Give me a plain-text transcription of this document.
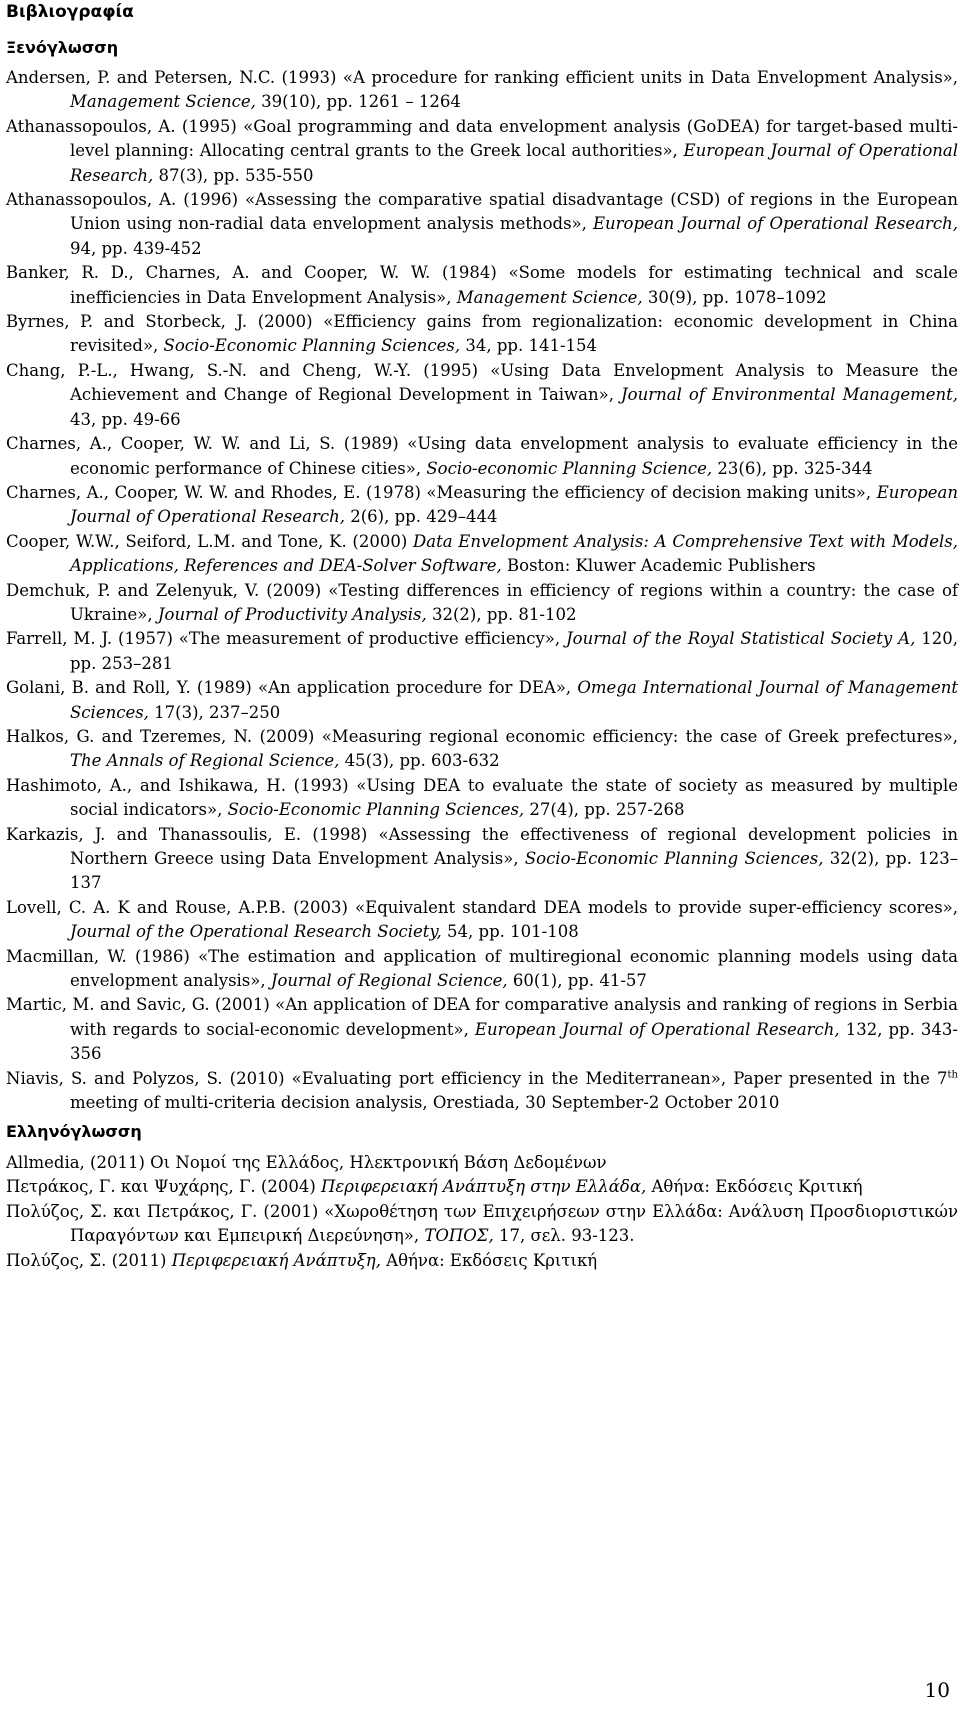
Βιβλιογραφία
Ξενόγλωσση
Andersen, P. and Petersen, N.C. (1993) «A procedure for ranking efficient units in Data Envelopment Analysis», Management Science, 39(10), pp. 1261 – 1264
Athanassopoulos, A. (1995) «Goal programming and data envelopment analysis (GoDEA) for target-based multi-level planning: Allocating central grants to the Greek local authorities», European Journal of Operational Research, 87(3), pp. 535-550
Athanassopoulos, A. (1996) «Assessing the comparative spatial disadvantage (CSD) of regions in the European Union using non-radial data envelopment analysis methods», European Journal of Operational Research, 94, pp. 439-452
Banker, R. D., Charnes, A. and Cooper, W. W. (1984) «Some models for estimating technical and scale inefficiencies in Data Envelopment Analysis», Management Science, 30(9), pp. 1078–1092
Byrnes, P. and Storbeck, J. (2000) «Efficiency gains from regionalization: economic development in China revisited», Socio-Economic Planning Sciences, 34, pp. 141-154
Chang, P.-L., Hwang, S.-N. and Cheng, W.-Y. (1995) «Using Data Envelopment Analysis to Measure the Achievement and Change of Regional Development in Taiwan», Journal of Environmental Management, 43, pp. 49-66
Charnes, A., Cooper, W. W. and Li, S. (1989) «Using data envelopment analysis to evaluate efficiency in the economic performance of Chinese cities», Socio-economic Planning Science, 23(6), pp. 325-344
Charnes, A., Cooper, W. W. and Rhodes, E. (1978) «Measuring the efficiency of decision making units», European Journal of Operational Research, 2(6), pp. 429–444
Cooper, W.W., Seiford, L.M. and Tone, K. (2000) Data Envelopment Analysis: A Comprehensive Text with Models, Applications, References and DEA-Solver Software, Boston: Kluwer Academic Publishers
Demchuk, P. and Zelenyuk, V. (2009) «Testing differences in efficiency of regions within a country: the case of Ukraine», Journal of Productivity Analysis, 32(2), pp. 81-102
Farrell, M. J. (1957) «The measurement of productive efficiency», Journal of the Royal Statistical Society A, 120, pp. 253–281
Golani, B. and Roll, Y. (1989) «An application procedure for DEA», Omega International Journal of Management Sciences, 17(3), 237–250
Halkos, G. and Tzeremes, N. (2009) «Measuring regional economic efficiency: the case of Greek prefectures», The Annals of Regional Science, 45(3), pp. 603-632
Hashimoto, A., and Ishikawa, H. (1993) «Using DEA to evaluate the state of society as measured by multiple social indicators», Socio-Economic Planning Sciences, 27(4), pp. 257-268
Karkazis, J. and Thanassoulis, E. (1998) «Assessing the effectiveness of regional development policies in Northern Greece using Data Envelopment Analysis», Socio-Economic Planning Sciences, 32(2), pp. 123–137
Lovell, C. A. K and Rouse, A.P.B. (2003) «Equivalent standard DEA models to provide super-efficiency scores», Journal of the Operational Research Society, 54, pp. 101-108
Macmillan, W. (1986) «The estimation and application of multiregional economic planning models using data envelopment analysis», Journal of Regional Science, 60(1), pp. 41-57
Martic, M. and Savic, G. (2001) «An application of DEA for comparative analysis and ranking of regions in Serbia with regards to social-economic development», European Journal of Operational Research, 132, pp. 343-356
Niavis, S. and Polyzos, S. (2010) «Evaluating port efficiency in the Mediterranean», Paper presented in the 7th meeting of multi-criteria decision analysis, Orestiada, 30 September-2 October 2010
Ελληνόγλωσση
Allmedia, (2011) Οι Νομοί της Ελλάδος, Ηλεκτρονική Βάση Δεδομένων
Πετράκος, Γ. και Ψυχάρης, Γ. (2004) Περιφερειακή Ανάπτυξη στην Ελλάδα, Αθήνα: Εκδόσεις Κριτική
Πολύζος, Σ. και Πετράκος, Γ. (2001) «Χωροθέτηση των Επιχειρήσεων στην Ελλάδα: Ανάλυση Προσδιοριστικών Παραγόντων και Εμπειρική Διερεύνηση», ΤΟΠΟΣ, 17, σελ. 93-123.
Πολύζος, Σ. (2011) Περιφερειακή Ανάπτυξη, Αθήνα: Εκδόσεις Κριτική
10
